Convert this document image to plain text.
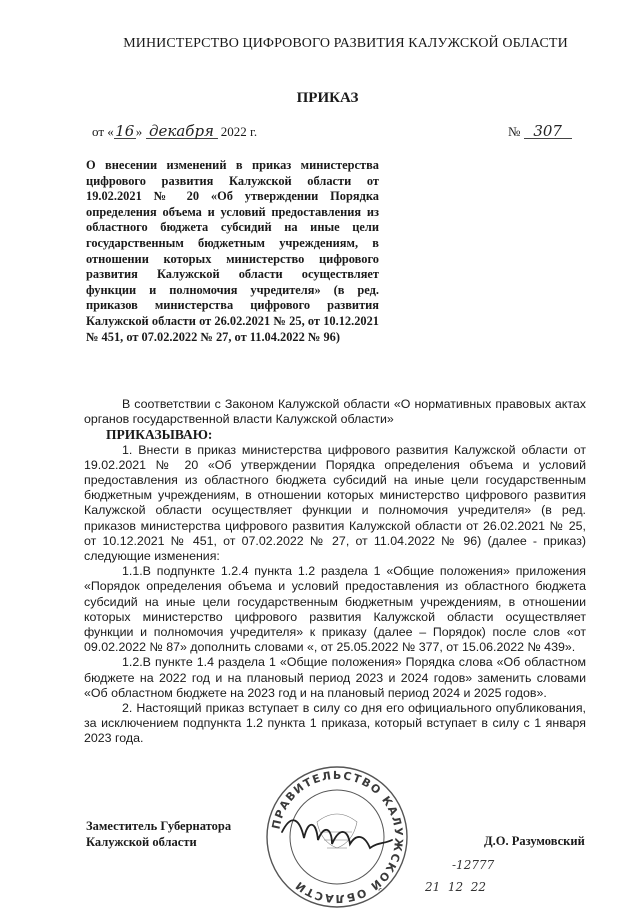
МИНИСТЕРСТВО ЦИФРОВОГО РАЗВИТИЯ КАЛУЖСКОЙ ОБЛАСТИ
ПРИКАЗ
от «16» декабря 2022 г.	№ 307
О внесении изменений в приказ министерства цифрового развития Калужской области от 19.02.2021 № 20 «Об утверждении Порядка определения объема и условий предоставления из областного бюджета субсидий на иные цели государственным бюджетным учреждениям, в отношении которых министерство цифрового развития Калужской области осуществляет функции и полномочия учредителя» (в ред. приказов министерства цифрового развития Калужской области от 26.02.2021 № 25, от 10.12.2021 № 451, от 07.02.2022 № 27, от 11.04.2022 № 96)

В соответствии с Законом Калужской области «О нормативных правовых актах органов государственной власти Калужской области»

ПРИКАЗЫВАЮ:

1. Внести в приказ министерства цифрового развития Калужской области от 19.02.2021 № 20 «Об утверждении Порядка определения объема и условий предоставления из областного бюджета субсидий на иные цели государственным бюджетным учреждениям, в отношении которых министерство цифрового развития Калужской области осуществляет функции и полномочия учредителя» (в ред. приказов министерства цифрового развития Калужской области от 26.02.2021 № 25, от 10.12.2021 № 451, от 07.02.2022 № 27, от 11.04.2022 № 96) (далее - приказ) следующие изменения:

1.1.В подпункте 1.2.4 пункта 1.2 раздела 1 «Общие положения» приложения «Порядок определения объема и условий предоставления из областного бюджета субсидий на иные цели государственным бюджетным учреждениям, в отношении которых министерство цифрового развития Калужской области осуществляет функции и полномочия учредителя» к приказу (далее – Порядок) после слов «от 09.02.2022 № 87» дополнить словами «, от 25.05.2022 № 377, от 15.06.2022 № 439».

1.2.В пункте 1.4 раздела 1 «Общие положения» Порядка слова «Об областном бюджете на 2022 год и на плановый период 2023 и 2024 годов» заменить словами «Об областном бюджете на 2023 год и на плановый период 2024 и 2025 годов».

2. Настоящий приказ вступает в силу со дня его официального опубликования, за исключением подпункта 1.2 пункта 1 приказа, который вступает в силу с 1 января 2023 года.

Заместитель Губернатора
Калужской области	Д.О. Разумовский
ПРАВИТЕЛЬСТВО КАЛУЖСКОЙ ОБЛАСТИ
-12777
21  12  22
